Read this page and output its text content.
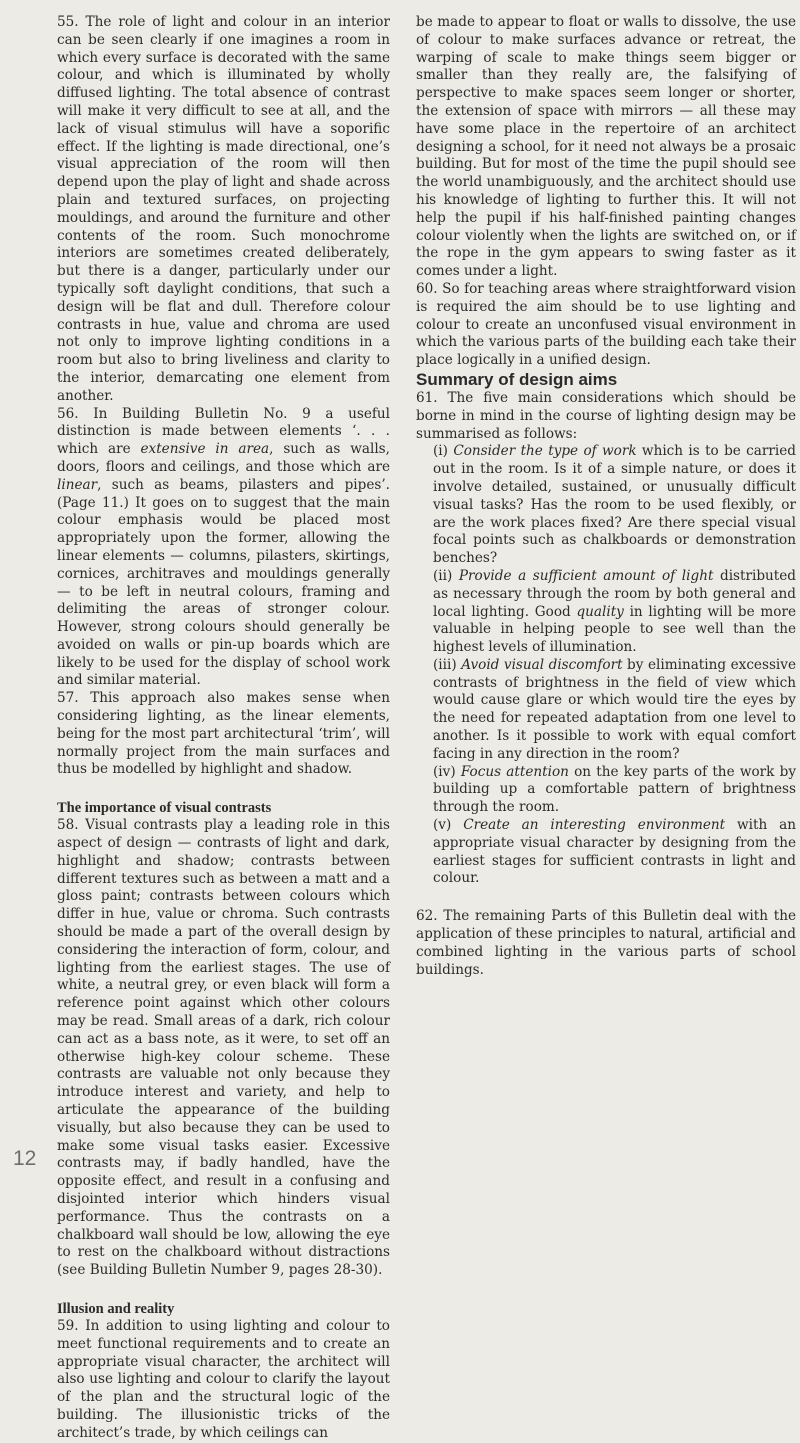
55. The role of light and colour in an interior can be seen clearly if one imagines a room in which every surface is decorated with the same colour, and which is illuminated by wholly diffused lighting. The total absence of contrast will make it very difficult to see at all, and the lack of visual stimulus will have a soporific effect. If the lighting is made directional, one’s visual appreciation of the room will then depend upon the play of light and shade across plain and textured surfaces, on projecting mouldings, and around the furniture and other contents of the room. Such monochrome interiors are sometimes created deliberately, but there is a danger, particularly under our typically soft daylight conditions, that such a design will be flat and dull. Therefore colour contrasts in hue, value and chroma are used not only to improve lighting conditions in a room but also to bring liveliness and clarity to the interior, demarcating one element from another.

56. In Building Bulletin No. 9 a useful distinction is made between elements ‘. . . which are extensive in area, such as walls, doors, floors and ceilings, and those which are linear, such as beams, pilasters and pipes’. (Page 11.) It goes on to suggest that the main colour emphasis would be placed most appropriately upon the former, allowing the linear elements — columns, pilasters, skirtings, cornices, architraves and mouldings generally — to be left in neutral colours, framing and delimiting the areas of stronger colour. However, strong colours should generally be avoided on walls or pin-up boards which are likely to be used for the display of school work and similar material.

57. This approach also makes sense when considering lighting, as the linear elements, being for the most part architectural ‘trim’, will normally project from the main surfaces and thus be modelled by highlight and shadow.

The importance of visual contrasts

58. Visual contrasts play a leading role in this aspect of design — contrasts of light and dark, highlight and shadow; contrasts between different textures such as between a matt and a gloss paint; contrasts between colours which differ in hue, value or chroma. Such contrasts should be made a part of the overall design by considering the interaction of form, colour, and lighting from the earliest stages. The use of white, a neutral grey, or even black will form a reference point against which other colours may be read. Small areas of a dark, rich colour can act as a bass note, as it were, to set off an otherwise high-key colour scheme. These contrasts are valuable not only because they introduce interest and variety, and help to articulate the appearance of the building visually, but also because they can be used to make some visual tasks easier. Excessive contrasts may, if badly handled, have the opposite effect, and result in a confusing and disjointed interior which hinders visual performance. Thus the contrasts on a chalkboard wall should be low, allowing the eye to rest on the chalkboard without distractions (see Building Bulletin Number 9, pages 28-30).

Illusion and reality

59. In addition to using lighting and colour to meet functional requirements and to create an appropriate visual character, the architect will also use lighting and colour to clarify the layout of the plan and the structural logic of the building. The illusionistic tricks of the architect’s trade, by which ceilings can

be made to appear to float or walls to dissolve, the use of colour to make surfaces advance or retreat, the warping of scale to make things seem bigger or smaller than they really are, the falsifying of perspective to make spaces seem longer or shorter, the extension of space with mirrors — all these may have some place in the repertoire of an architect designing a school, for it need not always be a prosaic building. But for most of the time the pupil should see the world unambiguously, and the architect should use his knowledge of lighting to further this. It will not help the pupil if his half-finished painting changes colour violently when the lights are switched on, or if the rope in the gym appears to swing faster as it comes under a light.

60. So for teaching areas where straightforward vision is required the aim should be to use lighting and colour to create an unconfused visual environment in which the various parts of the building each take their place logically in a unified design.

Summary of design aims

61. The five main considerations which should be borne in mind in the course of lighting design may be summarised as follows:

(i) Consider the type of work which is to be carried out in the room. Is it of a simple nature, or does it involve detailed, sustained, or unusually difficult visual tasks? Has the room to be used flexibly, or are the work places fixed? Are there special visual focal points such as chalkboards or demonstration benches?

(ii) Provide a sufficient amount of light distributed as necessary through the room by both general and local lighting. Good quality in lighting will be more valuable in helping people to see well than the highest levels of illumination.

(iii) Avoid visual discomfort by eliminating excessive contrasts of brightness in the field of view which would cause glare or which would tire the eyes by the need for repeated adaptation from one level to another. Is it possible to work with equal comfort facing in any direction in the room?

(iv) Focus attention on the key parts of the work by building up a comfortable pattern of brightness through the room.

(v) Create an interesting environment with an appropriate visual character by designing from the earliest stages for sufficient contrasts in light and colour.

62. The remaining Parts of this Bulletin deal with the application of these principles to natural, artificial and combined lighting in the various parts of school buildings.

12
